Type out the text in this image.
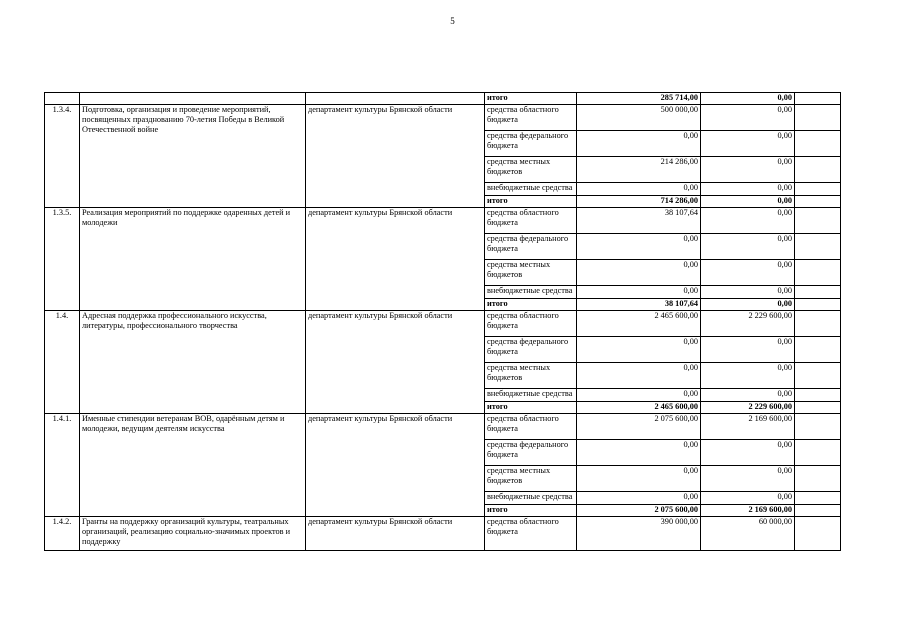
5
			итого	285 714,00	0,00	
1.3.4.	Подготовка, организация и проведение мероприятий, посвященных празднованию 70-летия Победы в Великой Отечественной войне	департамент культуры Брянской области	средства областного бюджета	500 000,00	0,00	
			средства федерального бюджета	0,00	0,00	
			средства местных бюджетов	214 286,00	0,00	
			внебюджетные средства	0,00	0,00	
			итого	714 286,00	0,00	
1.3.5.	Реализация мероприятий по поддержке одаренных детей и молодежи	департамент культуры Брянской области	средства областного бюджета	38 107,64	0,00	
			средства федерального бюджета	0,00	0,00	
			средства местных бюджетов	0,00	0,00	
			внебюджетные средства	0,00	0,00	
			итого	38 107,64	0,00	
1.4.	Адресная поддержка профессионального искусства, литературы, профессионального творчества	департамент культуры Брянской области	средства областного бюджета	2 465 600,00	2 229 600,00	
			средства федерального бюджета	0,00	0,00	
			средства местных бюджетов	0,00	0,00	
			внебюджетные средства	0,00	0,00	
			итого	2 465 600,00	2 229 600,00	
1.4.1.	Именные стипендии ветеранам ВОВ, одарённым детям и молодежи, ведущим деятелям искусства	департамент культуры Брянской области	средства областного бюджета	2 075 600,00	2 169 600,00	
			средства федерального бюджета	0,00	0,00	
			средства местных бюджетов	0,00	0,00	
			внебюджетные средства	0,00	0,00	
			итого	2 075 600,00	2 169 600,00	
1.4.2.	Гранты на поддержку организаций культуры, театральных организаций, реализацию социально-значимых проектов и поддержку	департамент культуры Брянской области	средства областного бюджета	390 000,00	60 000,00	
